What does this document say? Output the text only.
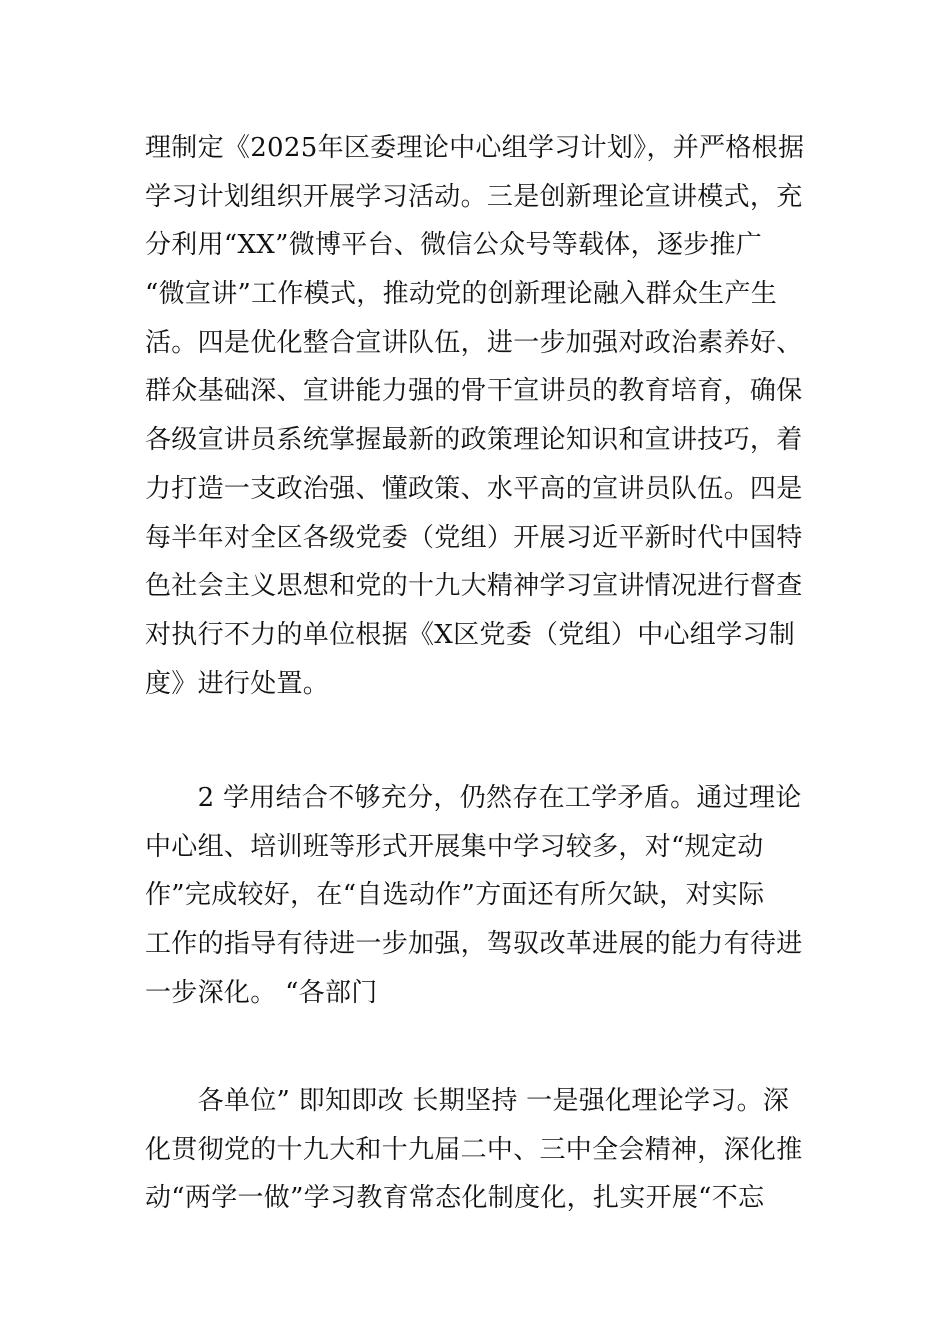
理制定《2025年区委理论中心组学习计划》，并严格根据
学习计划组织开展学习活动。三是创新理论宣讲模式，充
分利用“XX”微博平台、微信公众号等载体，逐步推广
“微宣讲”工作模式，推动党的创新理论融入群众生产生
活。四是优化整合宣讲队伍，进一步加强对政治素养好、
群众基础深、宣讲能力强的骨干宣讲员的教育培育，确保
各级宣讲员系统掌握最新的政策理论知识和宣讲技巧，着
力打造一支政治强、懂政策、水平高的宣讲员队伍。四是
每半年对全区各级党委（党组）开展习近平新时代中国特
色社会主义思想和党的十九大精神学习宣讲情况进行督查
对执行不力的单位根据《X区党委（党组）中心组学习制
度》进行处置。
　　2 学用结合不够充分，仍然存在工学矛盾。通过理论
中心组、培训班等形式开展集中学习较多，对“规定动
作”完成较好，在“自选动作”方面还有所欠缺，对实际
工作的指导有待进一步加强，驾驭改革进展的能力有待进
一步深化。 “各部门
　　各单位” 即知即改 长期坚持 一是强化理论学习。深
化贯彻党的十九大和十九届二中、三中全会精神，深化推
动“两学一做”学习教育常态化制度化，扎实开展“不忘
